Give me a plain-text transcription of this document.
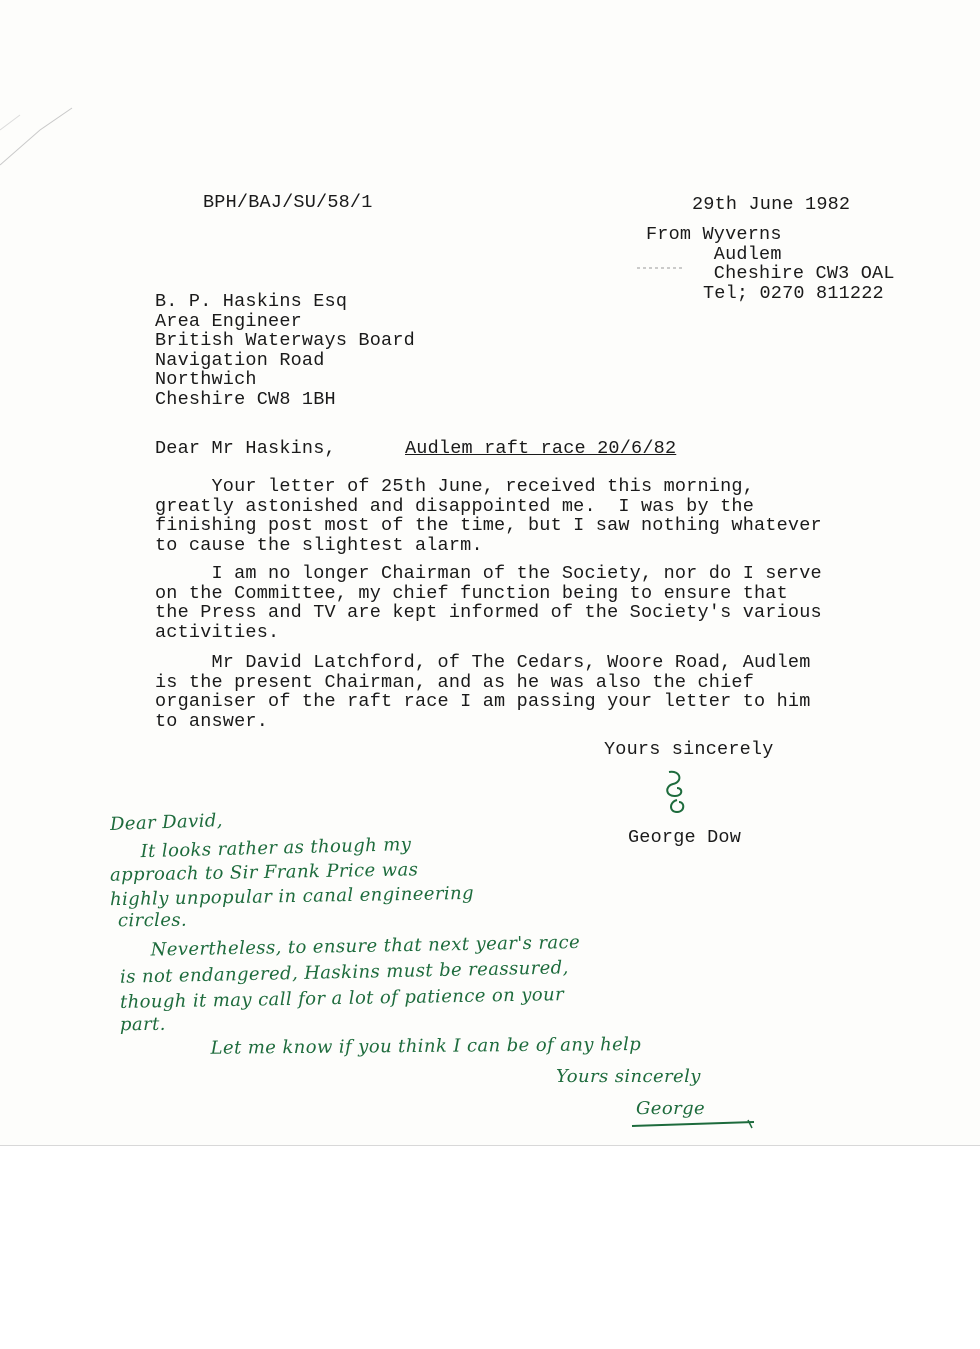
BPH/BAJ/SU/58/1	29th June 1982
From Wyverns
Audlem
Cheshire CW3 OAL
Tel; 0270 811222
B. P. Haskins Esq
Area Engineer
British Waterways Board
Navigation Road
Northwich
Cheshire CW8 1BH
Dear Mr Haskins,	Audlem raft race 20/6/82
Your letter of 25th June, received this morning,
greatly astonished and disappointed me.  I was by the
finishing post most of the time, but I saw nothing whatever
to cause the slightest alarm.
I am no longer Chairman of the Society, nor do I serve
on the Committee, my chief function being to ensure that
the Press and TV are kept informed of the Society's various
activities.
Mr David Latchford, of The Cedars, Woore Road, Audlem
is the present Chairman, and as he was also the chief
organiser of the raft race I am passing your letter to him
to answer.
Yours sincerely
George Dow
Dear David,
It looks rather as though my
approach to Sir Frank Price was
highly unpopular in canal engineering
circles.
Nevertheless, to ensure that next year's race
is not endangered, Haskins must be reassured,
though it may call for a lot of patience on your
part.
Let me know if you think I can be of any help
Yours sincerely
George
